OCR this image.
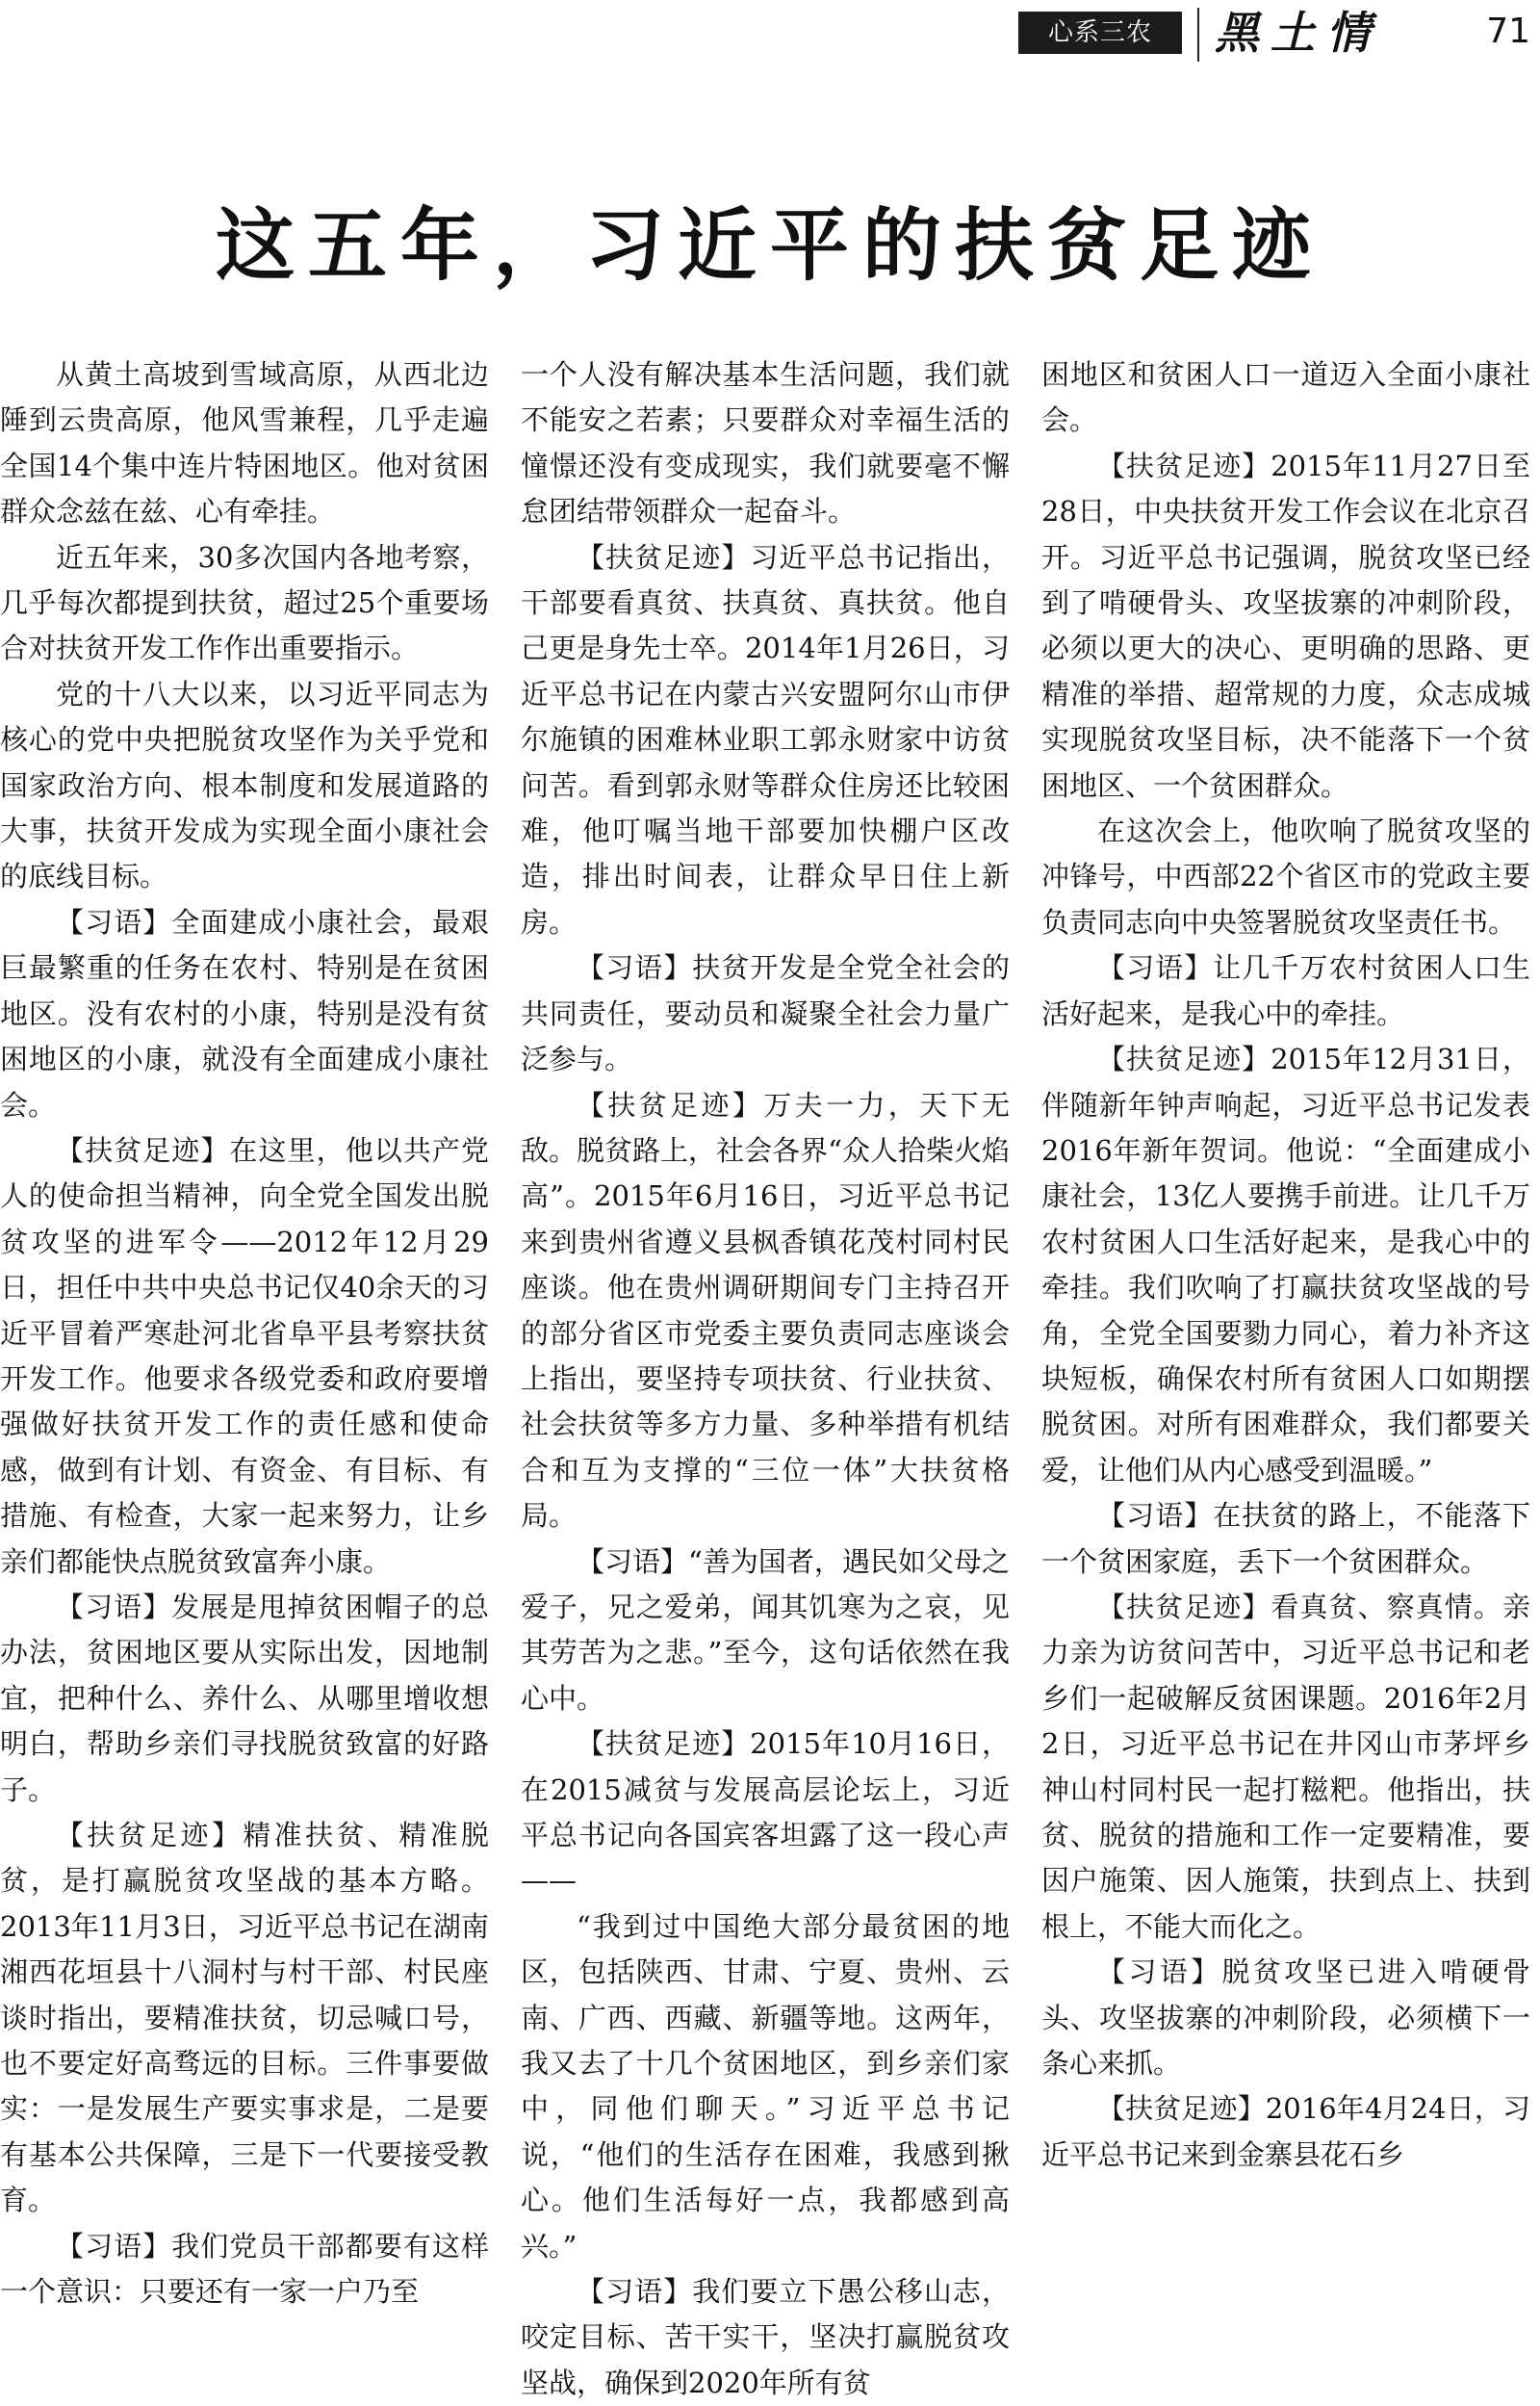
心系三农	黑土情	71
这五年，习近平的扶贫足迹

从黄土高坡到雪域高原，从西北边陲到云贵高原，他风雪兼程，几乎走遍全国14个集中连片特困地区。他对贫困群众念兹在兹、心有牵挂。

近五年来，30多次国内各地考察，几乎每次都提到扶贫，超过25个重要场合对扶贫开发工作作出重要指示。

党的十八大以来，以习近平同志为核心的党中央把脱贫攻坚作为关乎党和国家政治方向、根本制度和发展道路的大事，扶贫开发成为实现全面小康社会的底线目标。

【习语】全面建成小康社会，最艰巨最繁重的任务在农村、特别是在贫困地区。没有农村的小康，特别是没有贫困地区的小康，就没有全面建成小康社会。

【扶贫足迹】在这里，他以共产党人的使命担当精神，向全党全国发出脱贫攻坚的进军令——2012年12月29日，担任中共中央总书记仅40余天的习近平冒着严寒赴河北省阜平县考察扶贫开发工作。他要求各级党委和政府要增强做好扶贫开发工作的责任感和使命感，做到有计划、有资金、有目标、有措施、有检查，大家一起来努力，让乡亲们都能快点脱贫致富奔小康。

【习语】发展是甩掉贫困帽子的总办法，贫困地区要从实际出发，因地制宜，把种什么、养什么、从哪里增收想明白，帮助乡亲们寻找脱贫致富的好路子。

【扶贫足迹】精准扶贫、精准脱贫，是打赢脱贫攻坚战的基本方略。2013年11月3日，习近平总书记在湖南湘西花垣县十八洞村与村干部、村民座谈时指出，要精准扶贫，切忌喊口号，也不要定好高骛远的目标。三件事要做实：一是发展生产要实事求是，二是要有基本公共保障，三是下一代要接受教育。

【习语】我们党员干部都要有这样一个意识：只要还有一家一户乃至

一个人没有解决基本生活问题，我们就不能安之若素；只要群众对幸福生活的憧憬还没有变成现实，我们就要毫不懈怠团结带领群众一起奋斗。

【扶贫足迹】习近平总书记指出，干部要看真贫、扶真贫、真扶贫。他自己更是身先士卒。2014年1月26日，习近平总书记在内蒙古兴安盟阿尔山市伊尔施镇的困难林业职工郭永财家中访贫问苦。看到郭永财等群众住房还比较困难，他叮嘱当地干部要加快棚户区改造，排出时间表，让群众早日住上新房。

【习语】扶贫开发是全党全社会的共同责任，要动员和凝聚全社会力量广泛参与。

【扶贫足迹】万夫一力，天下无敌。脱贫路上，社会各界“众人拾柴火焰高”。2015年6月16日，习近平总书记来到贵州省遵义县枫香镇花茂村同村民座谈。他在贵州调研期间专门主持召开的部分省区市党委主要负责同志座谈会上指出，要坚持专项扶贫、行业扶贫、社会扶贫等多方力量、多种举措有机结合和互为支撑的“三位一体”大扶贫格局。

【习语】“善为国者，遇民如父母之爱子，兄之爱弟，闻其饥寒为之哀，见其劳苦为之悲。”至今，这句话依然在我心中。

【扶贫足迹】2015年10月16日，在2015减贫与发展高层论坛上，习近平总书记向各国宾客坦露了这一段心声——

“我到过中国绝大部分最贫困的地区，包括陕西、甘肃、宁夏、贵州、云南、广西、西藏、新疆等地。这两年，我又去了十几个贫困地区，到乡亲们家中，同他们聊天。”习近平总书记说，“他们的生活存在困难，我感到揪心。他们生活每好一点，我都感到高兴。”

【习语】我们要立下愚公移山志，咬定目标、苦干实干，坚决打赢脱贫攻坚战，确保到2020年所有贫

困地区和贫困人口一道迈入全面小康社会。

【扶贫足迹】2015年11月27日至28日，中央扶贫开发工作会议在北京召开。习近平总书记强调，脱贫攻坚已经到了啃硬骨头、攻坚拔寨的冲刺阶段，必须以更大的决心、更明确的思路、更精准的举措、超常规的力度，众志成城实现脱贫攻坚目标，决不能落下一个贫困地区、一个贫困群众。

在这次会上，他吹响了脱贫攻坚的冲锋号，中西部22个省区市的党政主要负责同志向中央签署脱贫攻坚责任书。

【习语】让几千万农村贫困人口生活好起来，是我心中的牵挂。

【扶贫足迹】2015年12月31日，伴随新年钟声响起，习近平总书记发表2016年新年贺词。他说：“全面建成小康社会，13亿人要携手前进。让几千万农村贫困人口生活好起来，是我心中的牵挂。我们吹响了打赢扶贫攻坚战的号角，全党全国要勠力同心，着力补齐这块短板，确保农村所有贫困人口如期摆脱贫困。对所有困难群众，我们都要关爱，让他们从内心感受到温暖。”

【习语】在扶贫的路上，不能落下一个贫困家庭，丢下一个贫困群众。

【扶贫足迹】看真贫、察真情。亲力亲为访贫问苦中，习近平总书记和老乡们一起破解反贫困课题。2016年2月2日，习近平总书记在井冈山市茅坪乡神山村同村民一起打糍粑。他指出，扶贫、脱贫的措施和工作一定要精准，要因户施策、因人施策，扶到点上、扶到根上，不能大而化之。

【习语】脱贫攻坚已进入啃硬骨头、攻坚拔寨的冲刺阶段，必须横下一条心来抓。

【扶贫足迹】2016年4月24日，习近平总书记来到金寨县花石乡
